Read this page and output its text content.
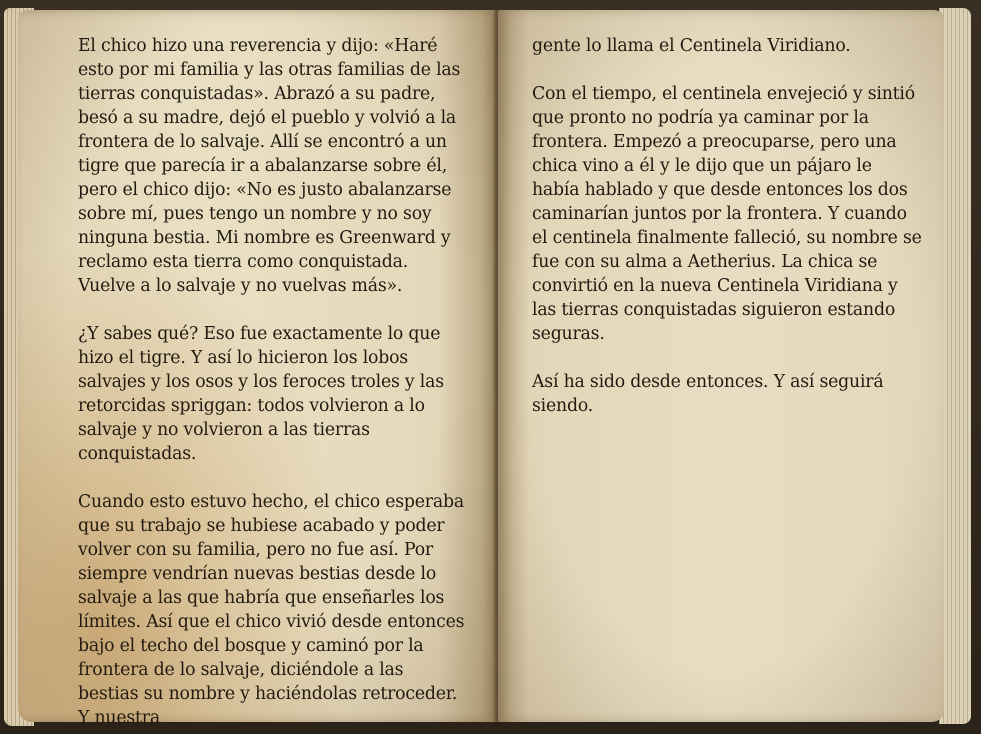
El chico hizo una reverencia y dijo: «Haré esto por mi familia y las otras familias de las tierras conquistadas». Abrazó a su padre, besó a su madre, dejó el pueblo y volvió a la frontera de lo salvaje. Allí se encontró a un tigre que parecía ir a abalanzarse sobre él, pero el chico dijo: «No es justo abalanzarse sobre mí, pues tengo un nombre y no soy ninguna bestia. Mi nombre es Greenward y reclamo esta tierra como conquistada. Vuelve a lo salvaje y no vuelvas más».

¿Y sabes qué? Eso fue exactamente lo que hizo el tigre. Y así lo hicieron los lobos salvajes y los osos y los feroces troles y las retorcidas spriggan: todos volvieron a lo salvaje y no volvieron a las tierras conquistadas.

Cuando esto estuvo hecho, el chico esperaba que su trabajo se hubiese acabado y poder volver con su familia, pero no fue así. Por siempre vendrían nuevas bestias desde lo salvaje a las que habría que enseñarles los límites. Así que el chico vivió desde entonces bajo el techo del bosque y caminó por la frontera de lo salvaje, diciéndole a las bestias su nombre y haciéndolas retroceder. Y nuestra

gente lo llama el Centinela Viridiano.

Con el tiempo, el centinela envejeció y sintió que pronto no podría ya caminar por la frontera. Empezó a preocuparse, pero una chica vino a él y le dijo que un pájaro le había hablado y que desde entonces los dos caminarían juntos por la frontera. Y cuando el centinela finalmente falleció, su nombre se fue con su alma a Aetherius. La chica se convirtió en la nueva Centinela Viridiana y las tierras conquistadas siguieron estando seguras.

Así ha sido desde entonces. Y así seguirá siendo.
